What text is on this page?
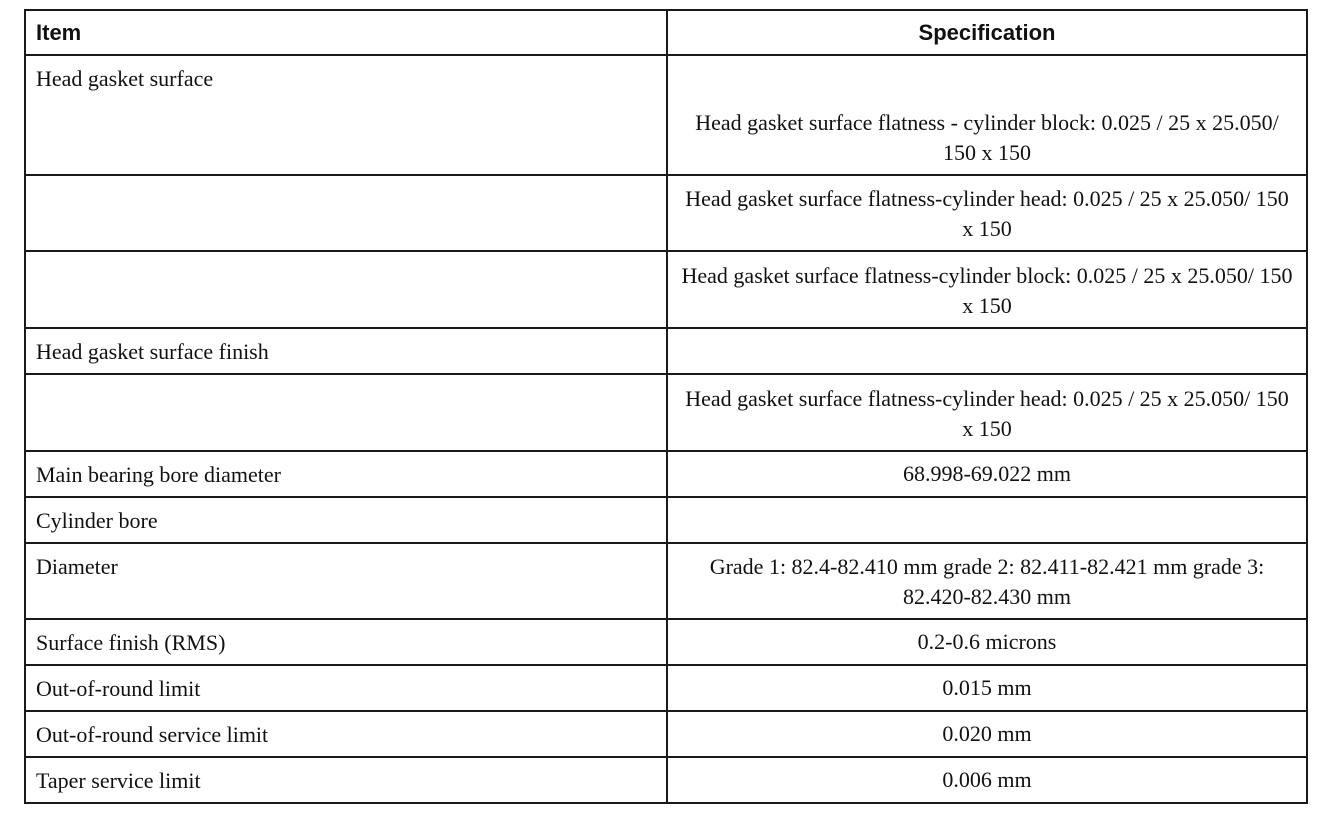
Item	Specification
Head gasket surface	Head gasket surface flatness - cylinder block: 0.025 / 25 x 25.050/ 150 x 150
	Head gasket surface flatness-cylinder head: 0.025 / 25 x 25.050/ 150 x 150
	Head gasket surface flatness-cylinder block: 0.025 / 25 x 25.050/ 150 x 150
Head gasket surface finish	
	Head gasket surface flatness-cylinder head: 0.025 / 25 x 25.050/ 150 x 150
Main bearing bore diameter	68.998-69.022 mm
Cylinder bore	
Diameter	Grade 1: 82.4-82.410 mm grade 2: 82.411-82.421 mm grade 3: 82.420-82.430 mm
Surface finish (RMS)	0.2-0.6 microns
Out-of-round limit	0.015 mm
Out-of-round service limit	0.020 mm
Taper service limit	0.006 mm
